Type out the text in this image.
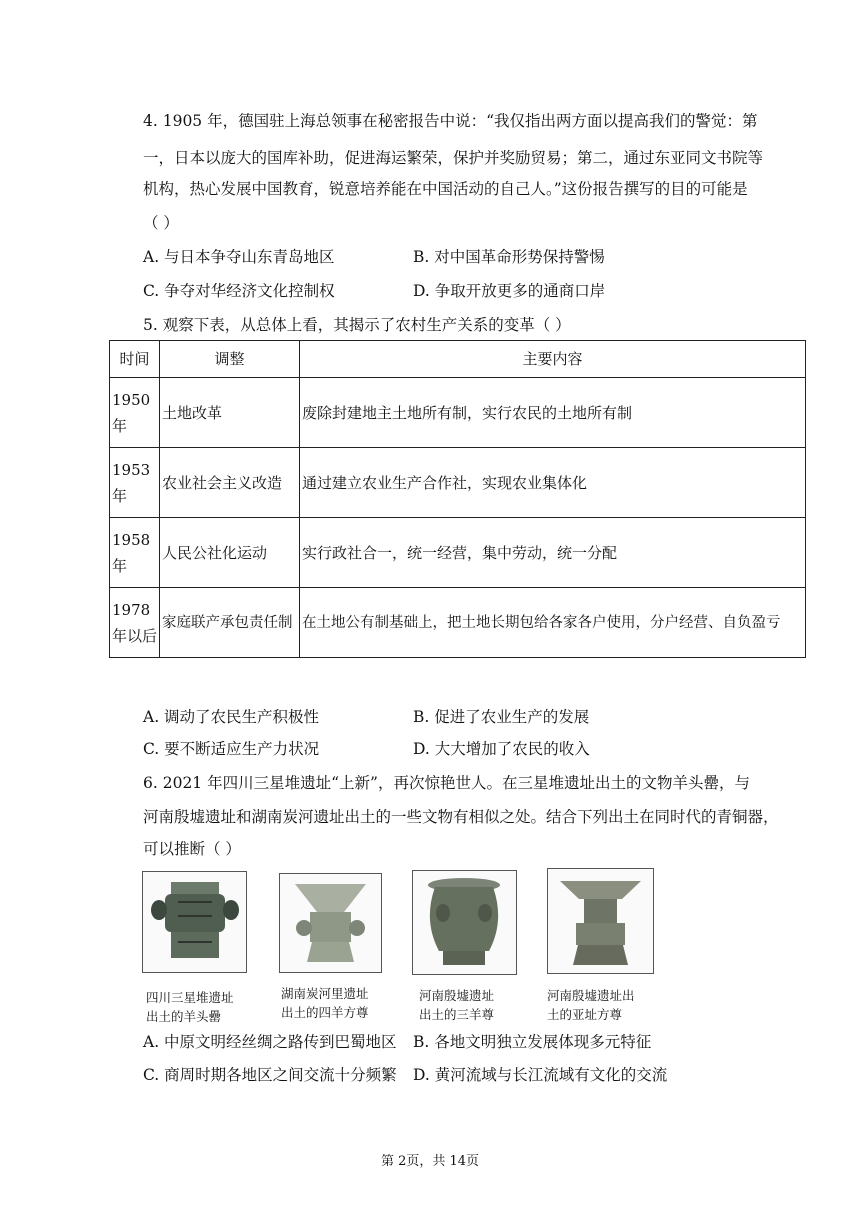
4. 1905 年，德国驻上海总领事在秘密报告中说：“我仅指出两方面以提高我们的警觉：第
一，日本以庞大的国库补助，促进海运繁荣，保护并奖励贸易；第二，通过东亚同文书院等
机构，热心发展中国教育，锐意培养能在中国活动的自己人。”这份报告撰写的目的可能是
（ ）
A. 与日本争夺山东青岛地区	B. 对中国革命形势保持警惕
C. 争夺对华经济文化控制权	D. 争取开放更多的通商口岸
5. 观察下表，从总体上看，其揭示了农村生产关系的变革（ ）
时间	调整	主要内容
1950年	土地改革	废除封建地主土地所有制，实行农民的土地所有制
1953年	农业社会主义改造	通过建立农业生产合作社，实现农业集体化
1958年	人民公社化运动	实行政社合一，统一经营，集中劳动，统一分配
1978年以后	家庭联产承包责任制	在土地公有制基础上，把土地长期包给各家各户使用，分户经营、自负盈亏
A. 调动了农民生产积极性	B. 促进了农业生产的发展
C. 要不断适应生产力状况	D. 大大增加了农民的收入
6. 2021 年四川三星堆遗址“上新”，再次惊艳世人。在三星堆遗址出土的文物羊头罍，与
河南殷墟遗址和湖南炭河遗址出土的一些文物有相似之处。结合下列出土在同时代的青铜器，
可以推断（ ）
四川三星堆遗址
出土的羊头罍
湖南炭河里遗址
出土的四羊方尊
河南殷墟遗址
出土的三羊尊
河南殷墟遗址出
土的亚址方尊
A. 中原文明经丝绸之路传到巴蜀地区 B. 各地文明独立发展体现多元特征
C. 商周时期各地区之间交流十分频繁 D. 黄河流域与长江流域有文化的交流
第 2页，共 14页
